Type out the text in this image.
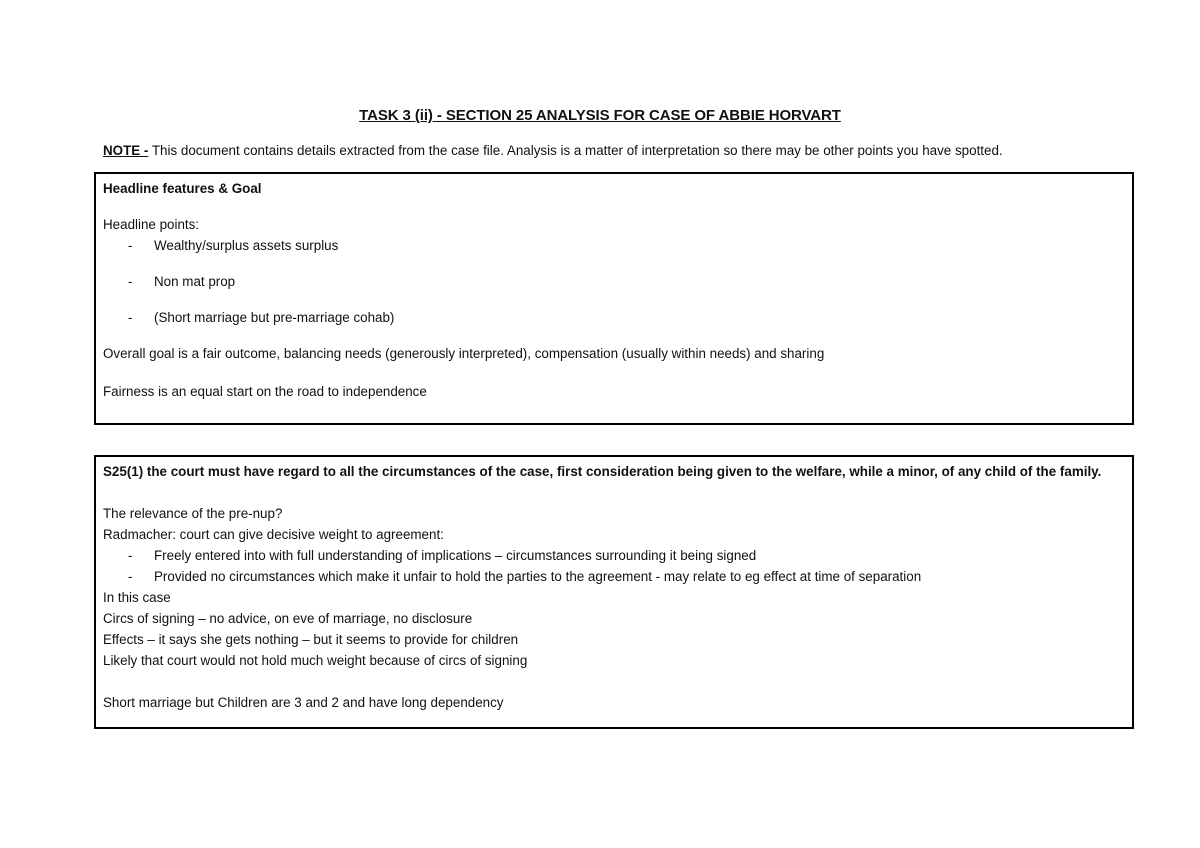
TASK 3 (ii) - SECTION 25 ANALYSIS FOR CASE OF ABBIE HORVART
NOTE - This document contains details extracted from the case file. Analysis is a matter of interpretation so there may be other points you have spotted.
Headline features & Goal
Headline points:
- Wealthy/surplus assets surplus
- Non mat prop
- (Short marriage but pre-marriage cohab)
Overall goal is a fair outcome, balancing needs (generously interpreted), compensation (usually within needs) and sharing
Fairness is an equal start on the road to independence
S25(1) the court must have regard to all the circumstances of the case, first consideration being given to the welfare, while a minor, of any child of the family.
The relevance of the pre-nup?
Radmacher: court can give decisive weight to agreement:
- Freely entered into with full understanding of implications – circumstances surrounding it being signed
- Provided no circumstances which make it unfair to hold the parties to the agreement - may relate to eg effect at time of separation
In this case
Circs of signing – no advice, on eve of marriage, no disclosure
Effects – it says she gets nothing – but it seems to provide for children
Likely that court would not hold much weight because of circs of signing
Short marriage but Children are 3 and 2 and have long dependency
